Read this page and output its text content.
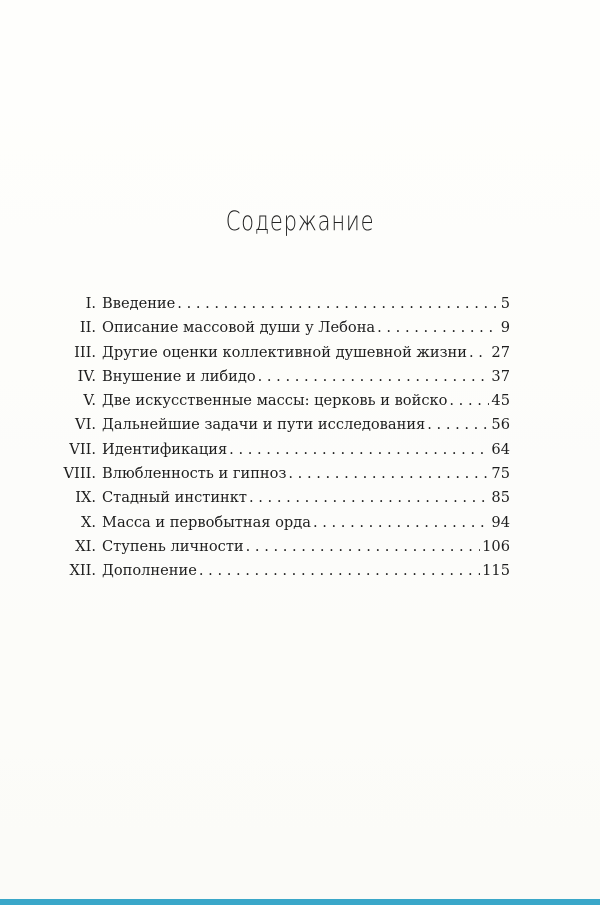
Содержание
I. Введение . . .	5
II. Описание массовой души у Лебона . . .	9
III. Другие оценки коллективной душевной жизни . . . 27
IV. Внушение и либидо . . .	37
V. Две искусственные массы: церковь и войско . . .	45
VI. Дальнейшие задачи и пути исследования . . .	56
VII. Идентификация . . .	64
VIII. Влюбленность и гипноз . . .	75
IX. Стадный инстинкт . . .	85
X. Масса и первобытная орда . . .	94
XI. Ступень личности . . .	106
XII. Дополнение . . .	115
